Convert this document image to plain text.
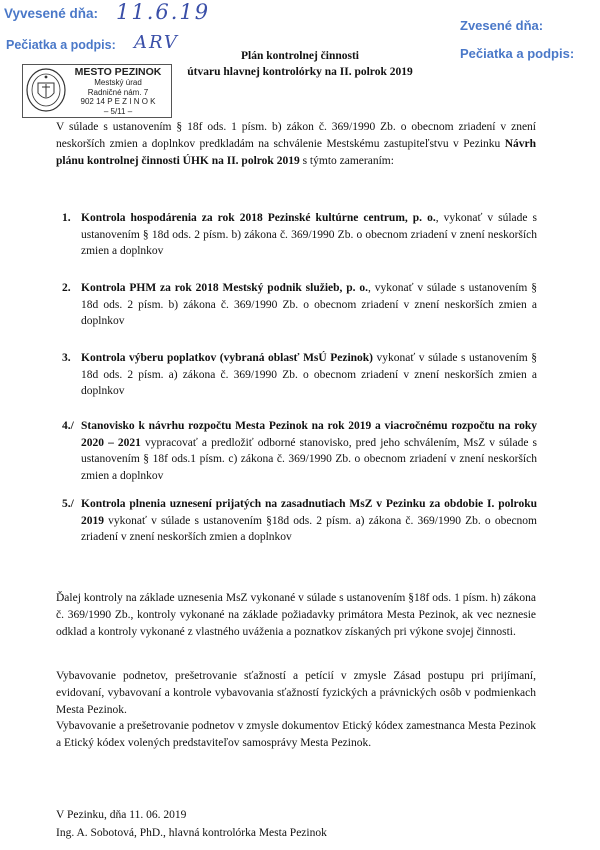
Vyvesené dňa: 11.6.19
Pečiatka a podpis: ARV
Zvesené dňa:
Pečiatka a podpis:
MESTO PEZINOK
Mestský úrad
Radničné nám. 7
902 14 P E Z I N O K
– 5/11 –
Plán kontrolnej činnosti
útvaru hlavnej kontrolórky na II. polrok 2019
V súlade s ustanovením § 18f ods. 1 písm. b) zákon č. 369/1990 Zb. o obecnom zriadení v znení neskorších zmien a doplnkov predkladám na schválenie Mestskému zastupiteľstvu v Pezinku Návrh plánu kontrolnej činnosti ÚHK na II. polrok 2019 s týmto zameraním:
1. Kontrola hospodárenia za rok 2018 Pezinské kultúrne centrum, p. o., vykonať v súlade s ustanovením § 18d ods. 2 písm. b) zákona č. 369/1990 Zb. o obecnom zriadení v znení neskorších zmien a doplnkov
2. Kontrola PHM za rok 2018 Mestský podnik služieb, p. o., vykonať v súlade s ustanovením § 18d ods. 2 písm. b) zákona č. 369/1990 Zb. o obecnom zriadení v znení neskorších zmien a doplnkov
3. Kontrola výberu poplatkov (vybraná oblasť MsÚ Pezinok) vykonať v súlade s ustanovením § 18d ods. 2 písm. a) zákona č. 369/1990 Zb. o obecnom zriadení v znení neskorších zmien a doplnkov
4./ Stanovisko k návrhu rozpočtu Mesta Pezinok na rok 2019 a viacročnému rozpočtu na roky 2020 – 2021 vypracovať a predložiť odborné stanovisko, pred jeho schválením, MsZ v súlade s ustanovením § 18f ods.1 písm. c) zákona č. 369/1990 Zb. o obecnom zriadení v znení neskorších zmien a doplnkov
5./ Kontrola plnenia uznesení prijatých na zasadnutiach MsZ v Pezinku za obdobie I. polroku 2019 vykonať v súlade s ustanovením §18d ods. 2 písm. a) zákona č. 369/1990 Zb. o obecnom zriadení v znení neskorších zmien a doplnkov
Ďalej kontroly na základe uznesenia MsZ vykonané v súlade s ustanovením §18f ods. 1 písm. h) zákona č. 369/1990 Zb., kontroly vykonané na základe požiadavky primátora Mesta Pezinok, ak vec neznesie odklad a kontroly vykonané z vlastného uváženia a poznatkov získaných pri výkone svojej činnosti.
Vybavovanie podnetov, prešetrovanie sťažností a petícií v zmysle Zásad postupu pri prijímaní, evidovaní, vybavovaní a kontrole vybavovania sťažností fyzických a právnických osôb v podmienkach Mesta Pezinok.
Vybavovanie a prešetrovanie podnetov v zmysle dokumentov Etický kódex zamestnanca Mesta Pezinok a Etický kódex volených predstaviteľov samosprávy Mesta Pezinok.
V Pezinku, dňa 11. 06. 2019
Ing. A. Sobotová, PhD., hlavná kontrolórka Mesta Pezinok
